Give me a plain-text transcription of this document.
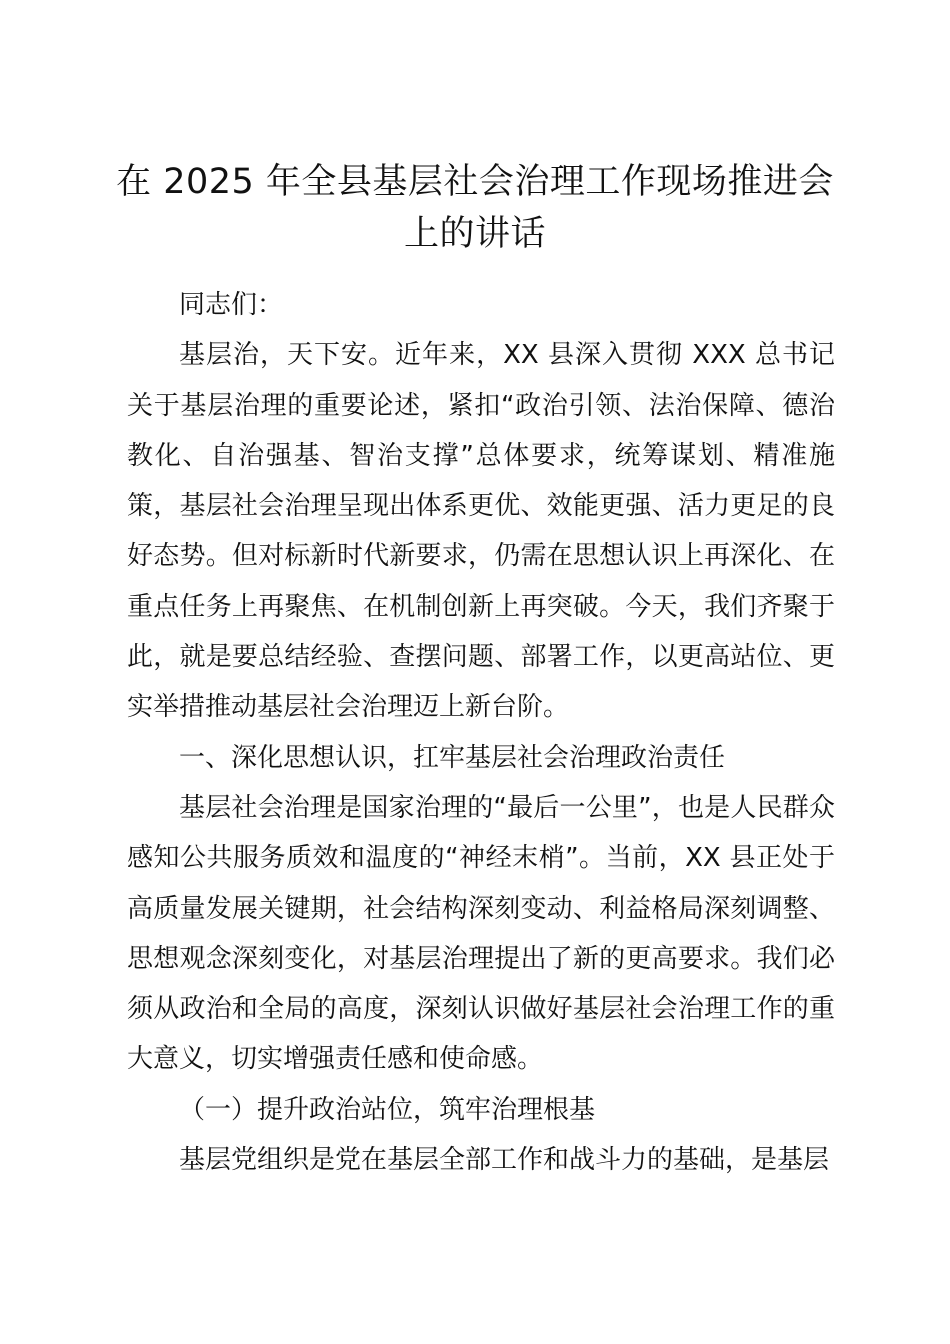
在 2025 年全县基层社会治理工作现场推进会上的讲话

同志们：

基层治，天下安。近年来，XX 县深入贯彻 XXX 总书记关于基层治理的重要论述，紧扣“政治引领、法治保障、德治教化、自治强基、智治支撑”总体要求，统筹谋划、精准施策，基层社会治理呈现出体系更优、效能更强、活力更足的良好态势。但对标新时代新要求，仍需在思想认识上再深化、在重点任务上再聚焦、在机制创新上再突破。今天，我们齐聚于此，就是要总结经验、查摆问题、部署工作，以更高站位、更实举措推动基层社会治理迈上新台阶。

一、深化思想认识，扛牢基层社会治理政治责任

基层社会治理是国家治理的“最后一公里”，也是人民群众感知公共服务质效和温度的“神经末梢”。当前，XX 县正处于高质量发展关键期，社会结构深刻变动、利益格局深刻调整、思想观念深刻变化，对基层治理提出了新的更高要求。我们必须从政治和全局的高度，深刻认识做好基层社会治理工作的重大意义，切实增强责任感和使命感。

（一）提升政治站位，筑牢治理根基

基层党组织是党在基层全部工作和战斗力的基础，是基层
